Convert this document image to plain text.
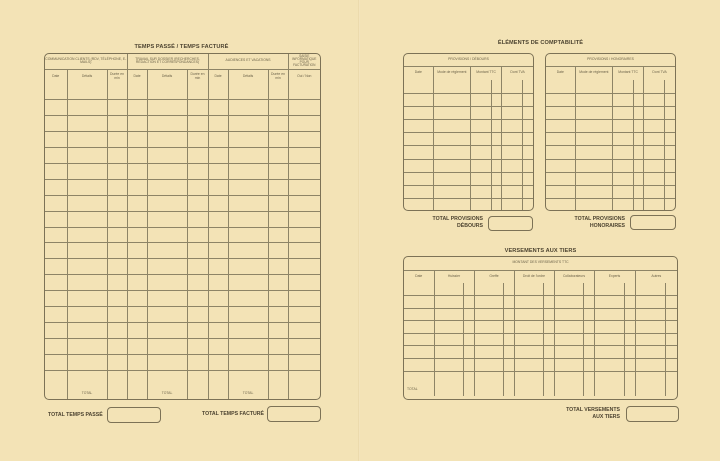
TEMPS PASSÉ / TEMPS FACTURÉ
COMMUNICATION CLIENTS (RDV, TÉLÉPHONE, E-MAILS)			TRAVAIL SUR DOSSIER (RECHERCHES, RÉDACTION ET CORRESPONDANCES)			AUDIENCES ET VACATIONS			SAISIE INFORMATIQUE POUR FACTURATION
Date	Détails	Durée en min	Date	Détails	Durée en min	Date	Détails	Durée en min	Oui / Non

	TOTAL			TOTAL			TOTAL		
TOTAL TEMPS PASSÉ	TOTAL TEMPS FACTURÉ
ÉLÉMENTS DE COMPTABILITÉ
PROVISIONS / DÉBOURS					
Date	Mode de règlement	Montant TTC		Dont TVA	

PROVISIONS / HONORAIRES					
Date	Mode de règlement	Montant TTC		Dont TVA	

TOTAL PROVISIONS
DÉBOURS
TOTAL PROVISIONS
HONORAIRES
VERSEMENTS AUX TIERS
MONTANT DES VERSEMENTS TTC												
Date	Huissier		Greffe		Droit de l'ordre		Collaborateurs		Experts		Autres	

TOTAL												
TOTAL VERSEMENTS
AUX TIERS
